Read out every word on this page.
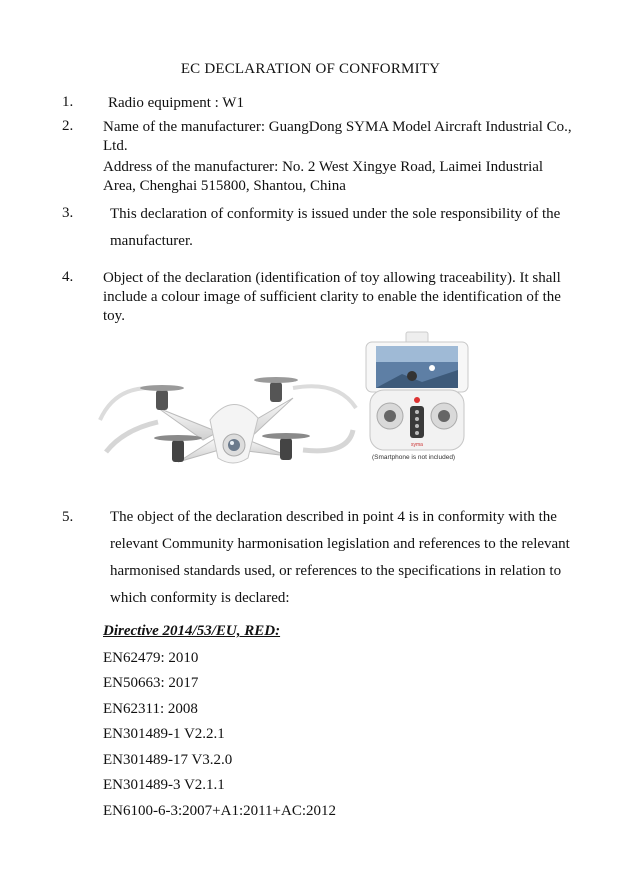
EC DECLARATION OF CONFORMITY
1. Radio equipment : W1
2. Name of the manufacturer: GuangDong SYMA Model Aircraft Industrial Co., Ltd.
Address of the manufacturer: No. 2 West Xingye Road, Laimei Industrial Area, Chenghai 515800, Shantou, China
3. This declaration of conformity is issued under the sole responsibility of the manufacturer.
4. Object of the declaration (identification of toy allowing traceability). It shall include a colour image of sufficient clarity to enable the identification of the toy.
syma
(Smartphone is not included)
5. The object of the declaration described in point 4 is in conformity with the relevant Community harmonisation legislation and references to the relevant harmonised standards used, or references to the specifications in relation to which conformity is declared:
Directive 2014/53/EU, RED:
EN62479: 2010
EN50663: 2017
EN62311: 2008
EN301489-1 V2.2.1
EN301489-17 V3.2.0
EN301489-3 V2.1.1
EN6100-6-3:2007+A1:2011+AC:2012
